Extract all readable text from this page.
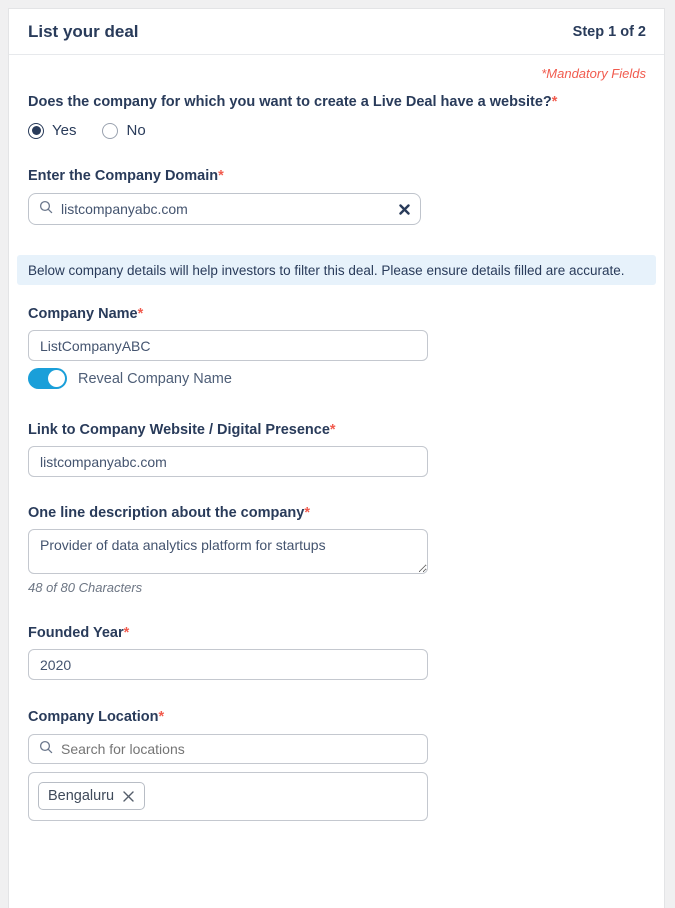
List your deal	Step 1 of 2
*Mandatory Fields
Does the company for which you want to create a Live Deal have a website?*
Yes	No
Enter the Company Domain*
listcompanyabc.com
Below company details will help investors to filter this deal. Please ensure details filled are accurate.
Company Name*
ListCompanyABC
Reveal Company Name
Link to Company Website / Digital Presence*
listcompanyabc.com
One line description about the company*
Provider of data analytics platform for startups
48 of 80 Characters
Founded Year*
2020
Company Location*
Search for locations
Bengaluru
